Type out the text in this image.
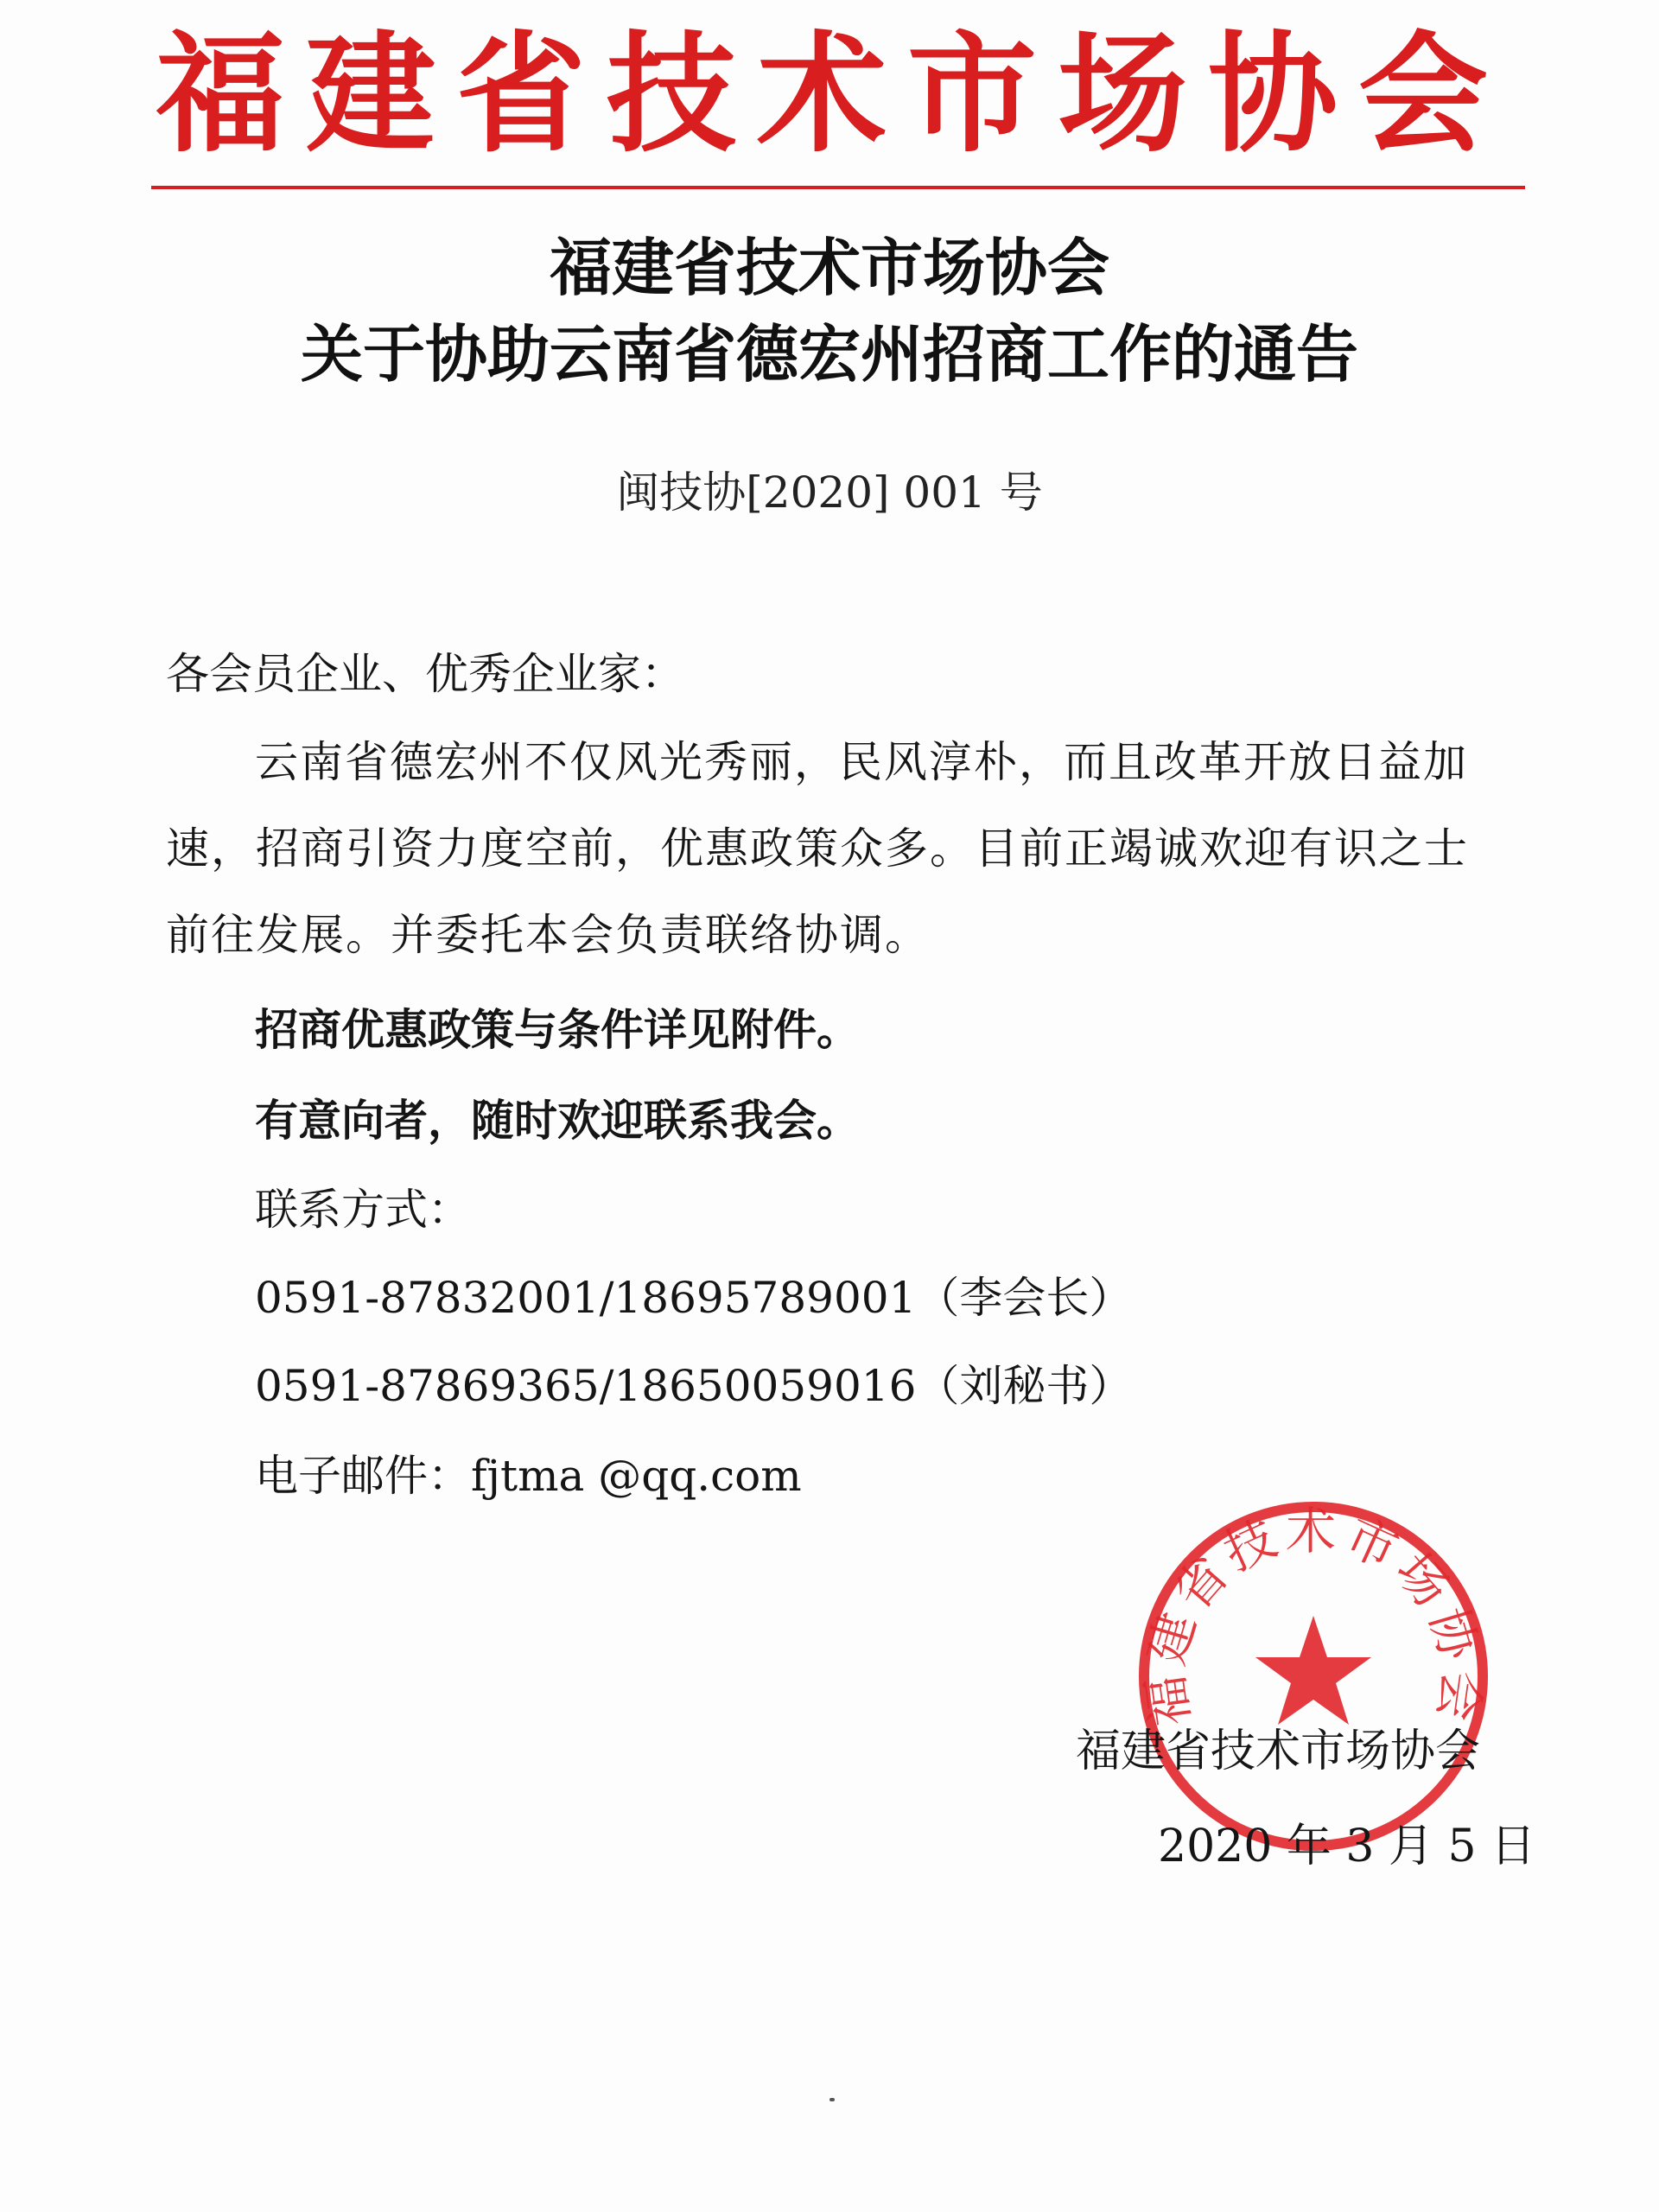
福建省技术市场协会
福建省技术市场协会
关于协助云南省德宏州招商工作的通告
闽技协[2020] 001 号
各会员企业、优秀企业家：
云南省德宏州不仅风光秀丽，民风淳朴，而且改革开放日益加
速，招商引资力度空前，优惠政策众多。目前正竭诚欢迎有识之士
前往发展。并委托本会负责联络协调。
招商优惠政策与条件详见附件。
有意向者，随时欢迎联系我会。
联系方式：
0591-87832001/18695789001（李会长）
0591-87869365/18650059016（刘秘书）
电子邮件：fjtma @qq.com
福建省技术市场协会
福建省技术市场协会
2020 年 3 月 5 日
